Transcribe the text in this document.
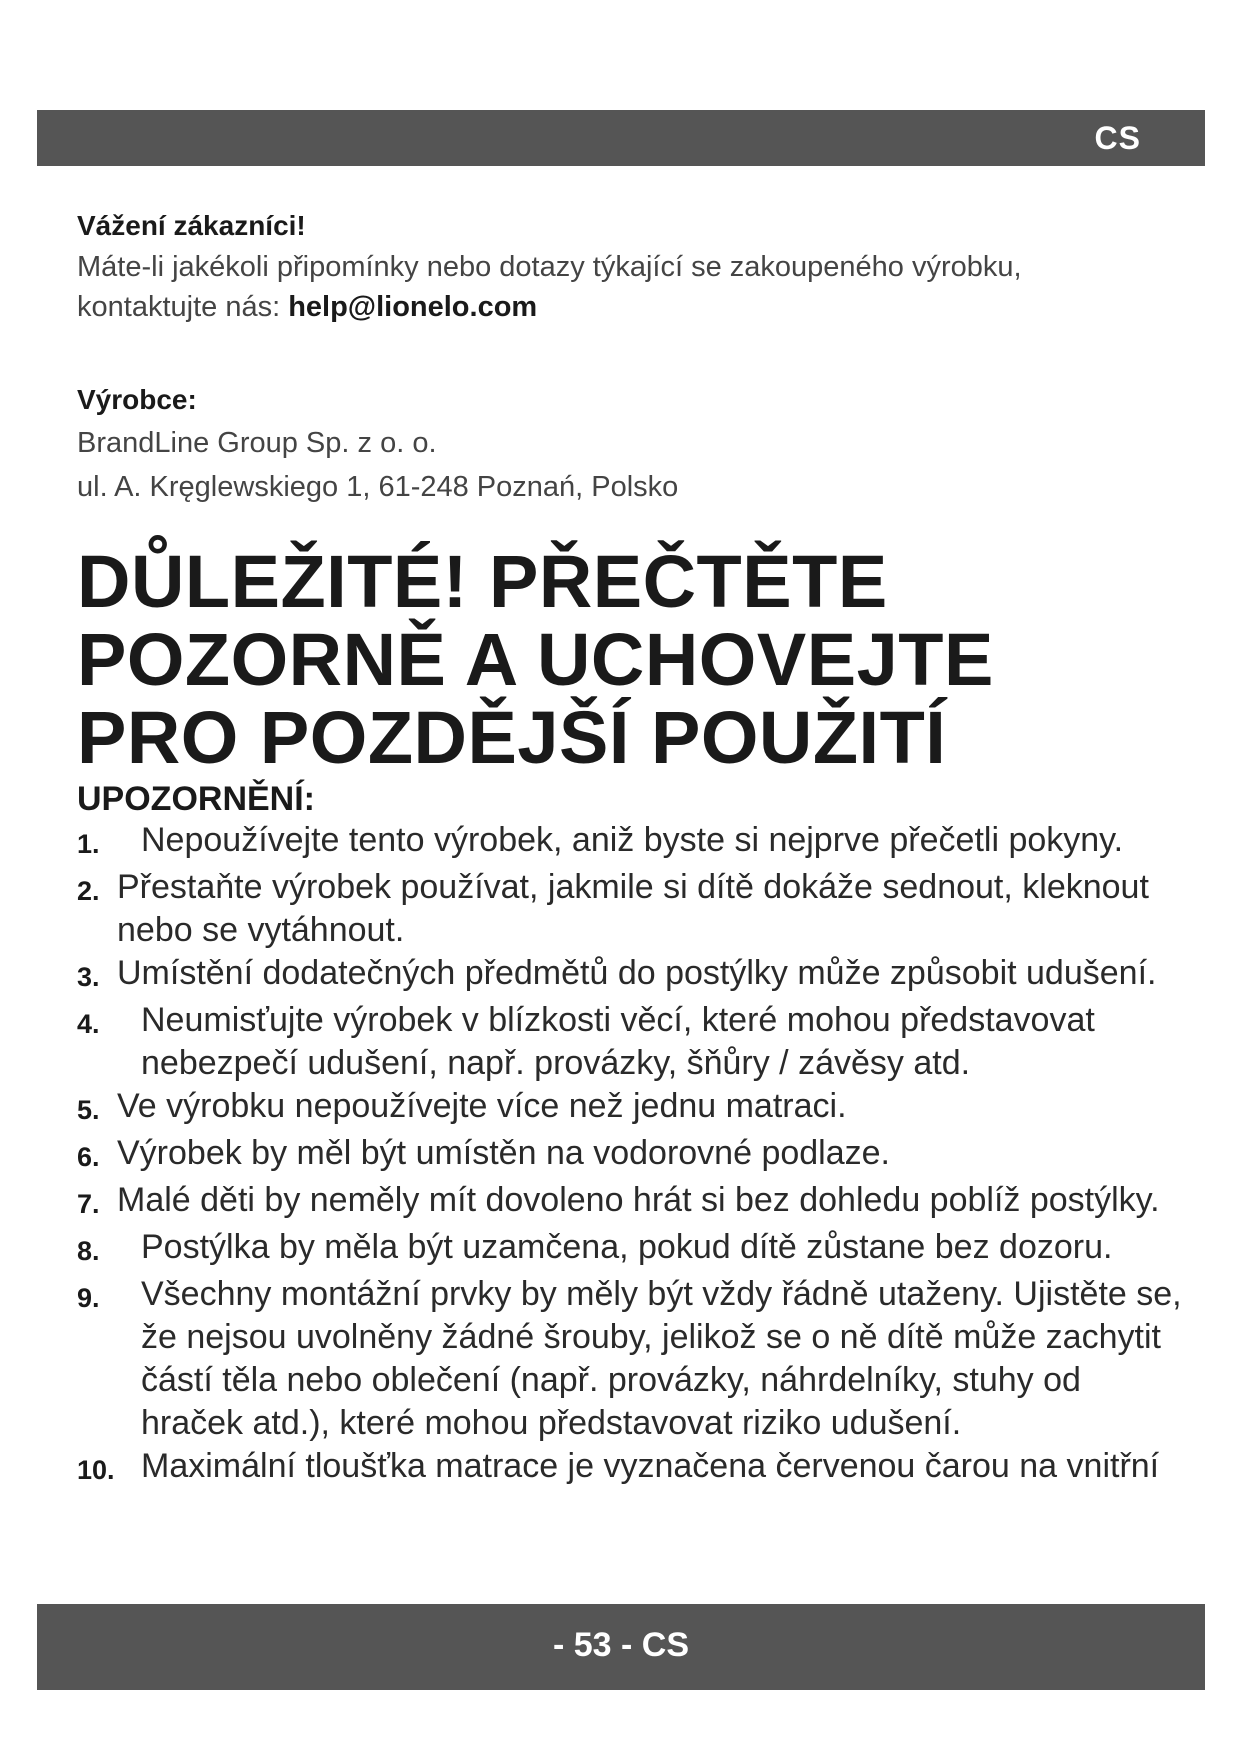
CS

Vážení zákazníci!

Máte-li jakékoli připomínky nebo dotazy týkající se zakoupeného výrobku,

kontaktujte nás: help@lionelo.com

Výrobce:
BrandLine Group Sp. z o. o.
ul. A. Kręglewskiego 1, 61-248 Poznań, Polsko
DŮLEŽITÉ! PŘEČTĚTE
POZORNĚ A UCHOVEJTE
PRO POZDĚJŠÍ POUŽITÍ
UPOZORNĚNÍ:
1.	Nepoužívejte tento výrobek, aniž byste si nejprve přečetli pokyny.
2. Přestaňte výrobek používat, jakmile si dítě dokáže sednout, kleknout nebo se vytáhnout.
3. Umístění dodatečných předmětů do postýlky může způsobit udušení.
4.	Neumisťujte výrobek v blízkosti věcí, které mohou představovat nebezpečí udušení, např. provázky, šňůry / závěsy atd.
5. Ve výrobku nepoužívejte více než jednu matraci.
6. Výrobek by měl být umístěn na vodorovné podlaze.
7. Malé děti by neměly mít dovoleno hrát si bez dohledu poblíž postýlky.
8.	Postýlka by měla být uzamčena, pokud dítě zůstane bez dozoru.
9.	Všechny montážní prvky by měly být vždy řádně utaženy. Ujistěte se, že nejsou uvolněny žádné šrouby, jelikož se o ně dítě může zachytit částí těla nebo oblečení (např. provázky, náhrdelníky, stuhy od hraček atd.), které mohou představovat riziko udušení.
10. Maximální tloušťka matrace je vyznačena červenou čarou na vnitřní
- 53 - CS
